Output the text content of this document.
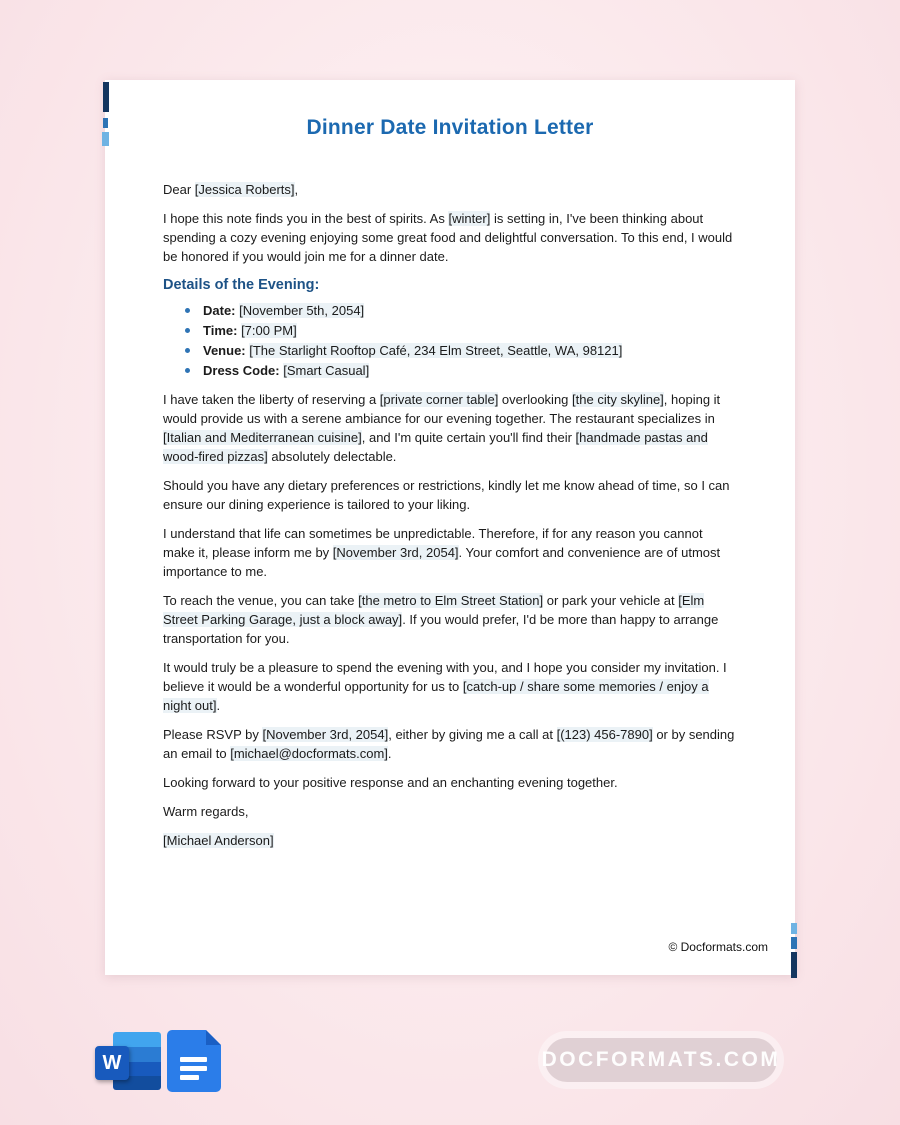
Dinner Date Invitation Letter

Dear [Jessica Roberts],

I hope this note finds you in the best of spirits. As [winter] is setting in, I've been thinking about spending a cozy evening enjoying some great food and delightful conversation. To this end, I would be honored if you would join me for a dinner date.

Details of the Evening:
Date: [November 5th, 2054]
Time: [7:00 PM]
Venue: [The Starlight Rooftop Café, 234 Elm Street, Seattle, WA, 98121]
Dress Code: [Smart Casual]

I have taken the liberty of reserving a [private corner table] overlooking [the city skyline], hoping it would provide us with a serene ambiance for our evening together. The restaurant specializes in [Italian and Mediterranean cuisine], and I'm quite certain you'll find their [handmade pastas and wood-fired pizzas] absolutely delectable.

Should you have any dietary preferences or restrictions, kindly let me know ahead of time, so I can ensure our dining experience is tailored to your liking.

I understand that life can sometimes be unpredictable. Therefore, if for any reason you cannot make it, please inform me by [November 3rd, 2054]. Your comfort and convenience are of utmost importance to me.

To reach the venue, you can take [the metro to Elm Street Station] or park your vehicle at [Elm Street Parking Garage, just a block away]. If you would prefer, I'd be more than happy to arrange transportation for you.

It would truly be a pleasure to spend the evening with you, and I hope you consider my invitation. I believe it would be a wonderful opportunity for us to [catch-up / share some memories / enjoy a night out].

Please RSVP by [November 3rd, 2054], either by giving me a call at [(123) 456-7890] or by sending an email to [michael@docformats.com].

Looking forward to your positive response and an enchanting evening together.

Warm regards,

[Michael Anderson]

© Docformats.com
W	DOCFORMATS.COM
